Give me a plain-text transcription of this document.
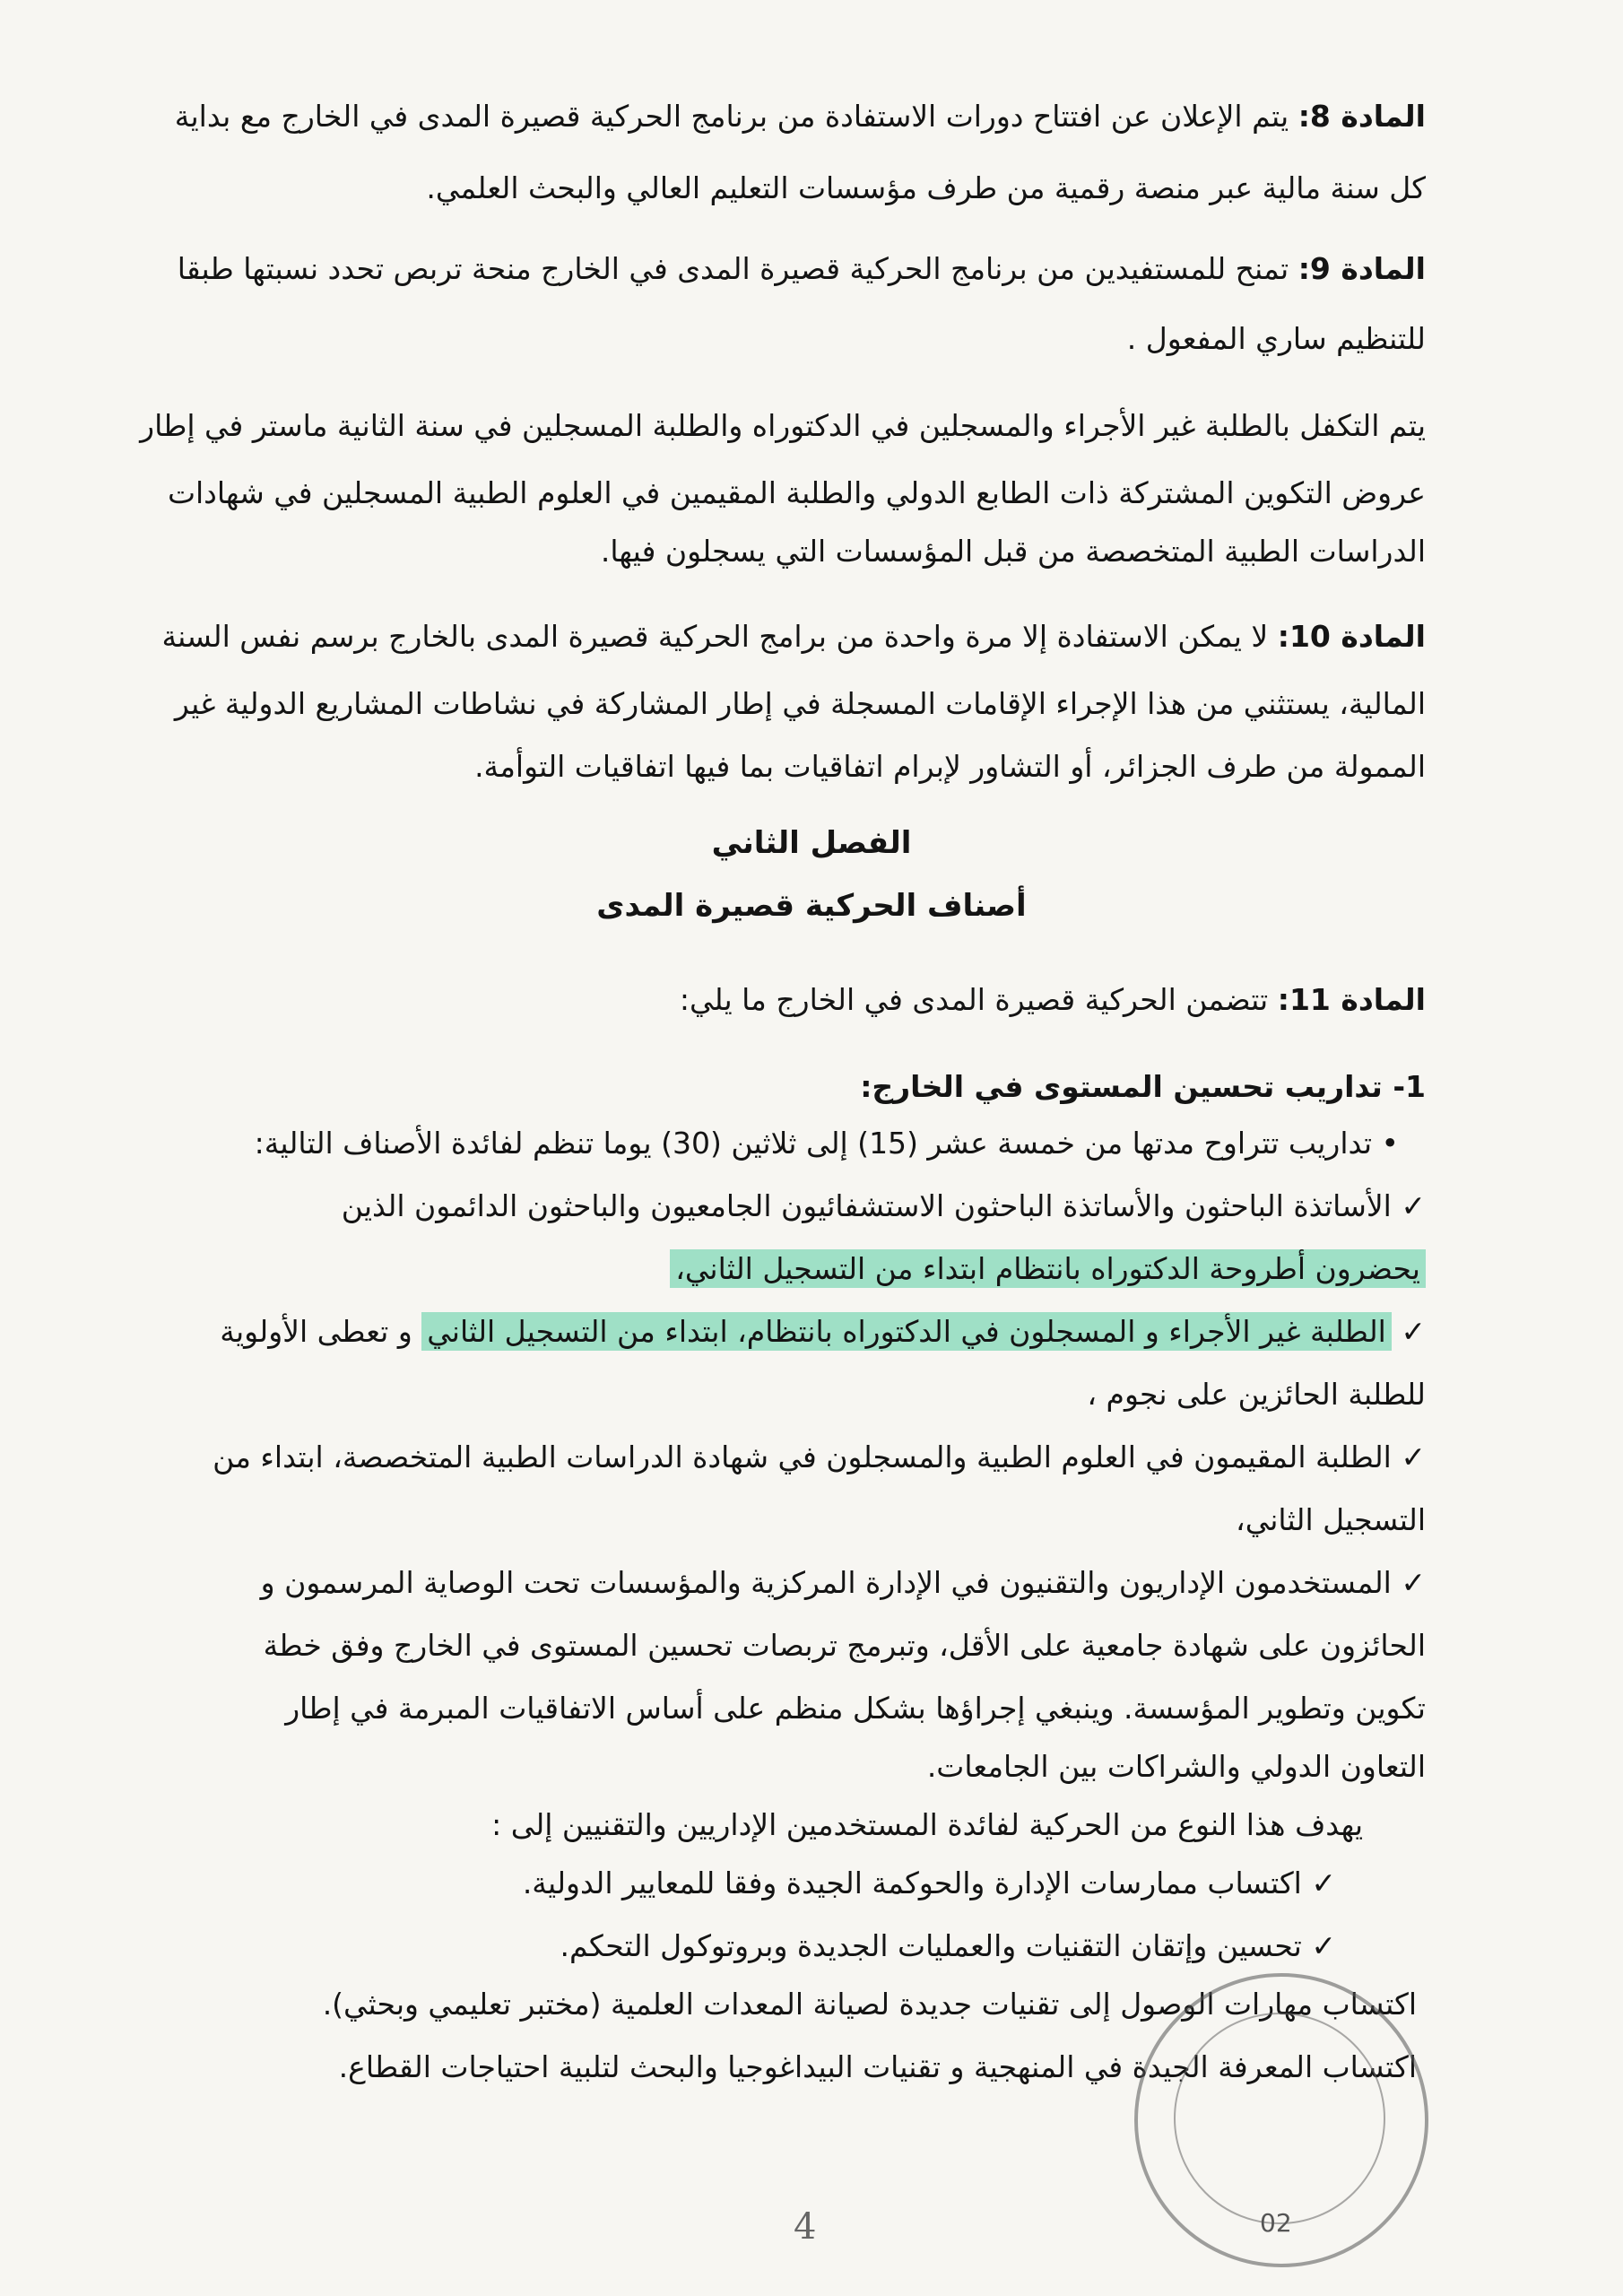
المادة 8: يتم الإعلان عن افتتاح دورات الاستفادة من برنامج الحركية قصيرة المدى في الخارج مع بداية
كل سنة مالية عبر منصة رقمية من طرف مؤسسات التعليم العالي والبحث العلمي.
المادة 9: تمنح للمستفيدين من برنامج الحركية قصيرة المدى في الخارج منحة تربص تحدد نسبتها طبقا
للتنظيم ساري المفعول .
يتم التكفل بالطلبة غير الأجراء والمسجلين في الدكتوراه والطلبة المسجلين في سنة الثانية ماستر في إطار
عروض التكوين المشتركة ذات الطابع الدولي والطلبة المقيمين في العلوم الطبية المسجلين في شهادات
الدراسات الطبية المتخصصة من قبل المؤسسات التي يسجلون فيها.
المادة 10: لا يمكن الاستفادة إلا مرة واحدة من برامج الحركية قصيرة المدى بالخارج برسم نفس السنة
المالية، يستثني من هذا الإجراء الإقامات المسجلة في إطار المشاركة في نشاطات المشاريع الدولية غير
الممولة من طرف الجزائر، أو التشاور لإبرام اتفاقيات بما فيها اتفاقيات التوأمة.
الفصل الثاني
أصناف الحركية قصيرة المدى
المادة 11: تتضمن الحركية قصيرة المدى في الخارج ما يلي:
1- تداريب تحسين المستوى في الخارج:
• تداريب تتراوح مدتها من خمسة عشر (15) إلى ثلاثين (30) يوما تنظم لفائدة الأصناف التالية:
✓ الأساتذة الباحثون والأساتذة الباحثون الاستشفائيون الجامعيون والباحثون الدائمون الذين
يحضرون أطروحة الدكتوراه بانتظام ابتداء من التسجيل الثاني،
✓ الطلبة غير الأجراء و المسجلون في الدكتوراه بانتظام، ابتداء من التسجيل الثاني و تعطى الأولوية
للطلبة الحائزين على نجوم ،
✓ الطلبة المقيمون في العلوم الطبية والمسجلون في شهادة الدراسات الطبية المتخصصة، ابتداء من
التسجيل الثاني،
✓ المستخدمون الإداريون والتقنيون في الإدارة المركزية والمؤسسات تحت الوصاية المرسمون و
الحائزون على شهادة جامعية على الأقل، وتبرمج تربصات تحسين المستوى في الخارج وفق خطة
تكوين وتطوير المؤسسة. وينبغي إجراؤها بشكل منظم على أساس الاتفاقيات المبرمة في إطار
التعاون الدولي والشراكات بين الجامعات.
يهدف هذا النوع من الحركية لفائدة المستخدمين الإداريين والتقنيين إلى :
✓ اكتساب ممارسات الإدارة والحوكمة الجيدة وفقا للمعايير الدولية.
✓ تحسين وإتقان التقنيات والعمليات الجديدة وبروتوكول التحكم.
اكتساب مهارات الوصول إلى تقنيات جديدة لصيانة المعدات العلمية (مختبر تعليمي وبحثي).
اكتساب المعرفة الجيدة في المنهجية و تقنيات البيداغوجيا والبحث لتلبية احتياجات القطاع.
02
4
